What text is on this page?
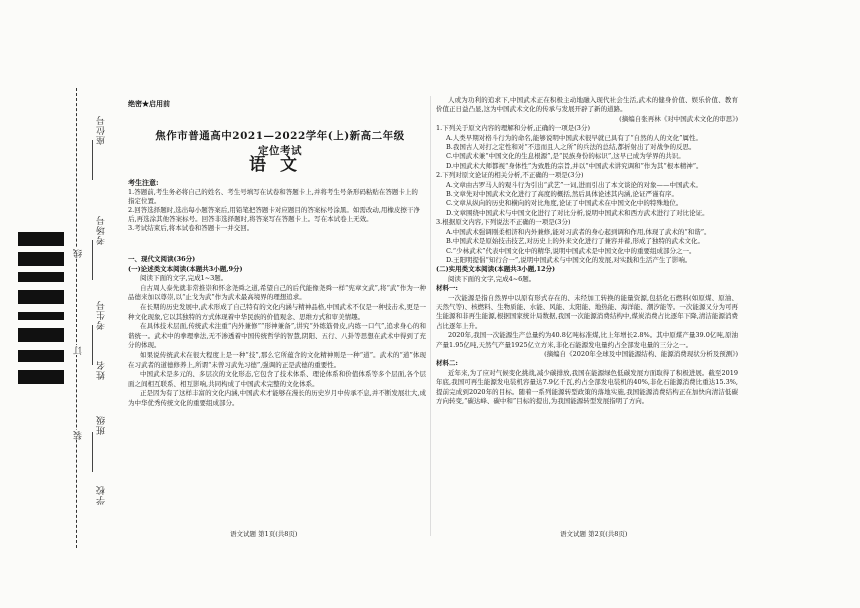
座位号
考场号
考生号
姓名
班级
学校
线
订
装
绝密★启用前
焦作市普通高中2021—2022学年(上)新高二年级定位考试
语文
考生注意:

1.答题前,考生务必将自己的姓名、考生号填写在试卷和答题卡上,并将考生号条形码粘贴在答题卡上的指定位置。

2.回答选择题时,选出每小题答案后,用铅笔把答题卡对应题目的答案标号涂黑。如需改动,用橡皮擦干净后,再选涂其他答案标号。回答非选择题时,将答案写在答题卡上。写在本试卷上无效。

3.考试结束后,将本试卷和答题卡一并交回。

一、现代文阅读(36分)

(一)论述类文本阅读(本题共3小题,9分)

阅读下面的文字,完成1~3题。

自古周人泰先就非常推崇和怀念尧舜之道,希望自己的后代能像尧舜一样“宪章文武”,将“武”作为一种品德来加以尊崇,以“止戈为武”作为武术最高境界的理想追求。

在长期的历史发展中,武术形成了自己特有的文化内涵与精神品格,中国武术不仅是一种技击术,更是一种文化现象,它以其独特的方式体现着中华民族的价值观念、思维方式和审美情趣。

在具体技术层面,传统武术注重“内外兼修”“形神兼备”,讲究“外练筋骨皮,内练一口气”,追求身心的和谐统一。武术中的拳理拳法,无不渗透着中国传统哲学的智慧,阴阳、五行、八卦等思想在武术中得到了充分的体现。

如果说传统武术在很大程度上是一种“技”,那么它所蕴含的文化精神则是一种“道”。武术的“道”体现在习武者的道德修养上,所谓“未曾习武先习德”,强调的正是武德的重要性。

中国武术是多元的、多层次的文化形态,它包含了技术体系、理论体系和价值体系等多个层面,各个层面之间相互联系、相互影响,共同构成了中国武术完整的文化体系。

正是因为有了这样丰富的文化内涵,中国武术才能够在漫长的历史岁月中传承不息,并不断发展壮大,成为中华优秀传统文化的重要组成部分。

语文试题 第1页(共8页)

人或为功利的追求下,中国武术正在积极主动地融入现代社会生活,武术的健身价值、娱乐价值、教育价值正日益凸显,这为中国武术文化的传承与发展开辟了新的道路。

(摘编自张再林《对中国武术文化的审思》)

1.下列关于原文内容的理解和分析,正确的一项是(3分)

A.人类早期对格斗行为的命名,能够说明中国武术很早就已具有了“自然的人的文化”属性。

B.我国古人对打之定性和对“不违而且人之所”的兵法的总结,都折射出了对战争的反思。

C.中国武术兼“中国文化的生息根源”,是“民族身份的标识”,这早已成为学界的共识。

D.中国武术大师都视“身体性”为致胜的宗旨,并以“中国武术讲究调和”作为其“根本精神”。

2.下列对原文论证的相关分析,不正确的一项是(3分)

A.文章由古罗马人的观斗行为引出“武艺”一词,进而引出了本文谈论的对象——中国武术。

B.文章先对中国武术文化进行了高度的概括,然后具体论述其内涵,论证严谨有序。

C.文章从纵向的历史和横向的对比角度,论证了中国武术在中国文化中的特殊地位。

D.文章围绕中国武术与中国文化进行了对比分析,说明中国武术和西方武术进行了对比论证。

3.根据原文内容,下列说法不正确的一项是(3分)

A.中国武术强调刚柔相济和内外兼修,能对习武者的身心起到调和作用,体现了武术的“和谐”。

B.中国武术是原始技击技艺,对历史上的外来文化进行了兼容并蓄,形成了独特的武术文化。

C.“少林武术”代表中国文化中的精华,说明中国武术是中国文化中的重要组成部分之一。

D.王阳明提倡“知行合一”,说明中国武术与中国文化的发展,对实践和生活产生了影响。

(二)实用类文本阅读(本题共3小题,12分)

阅读下面的文字,完成4~6题。

材料一:

一次能源是指自然界中以原有形式存在的、未经加工转换的能量资源,包括化石燃料(如原煤、原油、天然气等)、核燃料、生物质能、水能、风能、太阳能、地热能、海洋能、潮汐能等。一次能源又分为可再生能源和非再生能源,根据国家统计局数据,我国一次能源消费结构中,煤炭消费占比逐年下降,清洁能源消费占比逐年上升。

2020年,我国一次能源生产总量约为40.8亿吨标准煤,比上年增长2.8%。其中原煤产量39.0亿吨,原油产量1.95亿吨,天然气产量1925亿立方米,非化石能源发电量约占全部发电量的三分之一。

(摘编自《2020年全球及中国能源结构、能源消费现状分析及预测》)

材料二:

近年来,为了应对气候变化挑战,减少碳排放,我国在能源绿色低碳发展方面取得了积极进展。截至2019年底,我国可再生能源发电装机容量达7.9亿千瓦,约占全部发电装机的40%,非化石能源消费比重达15.3%,提前完成到2020年的目标。随着一系列能源转型政策的落地实施,我国能源消费结构正在加快向清洁低碳方向转变,“碳达峰、碳中和”目标的提出,为我国能源转型发展指明了方向。

语文试题 第2页(共8页)
